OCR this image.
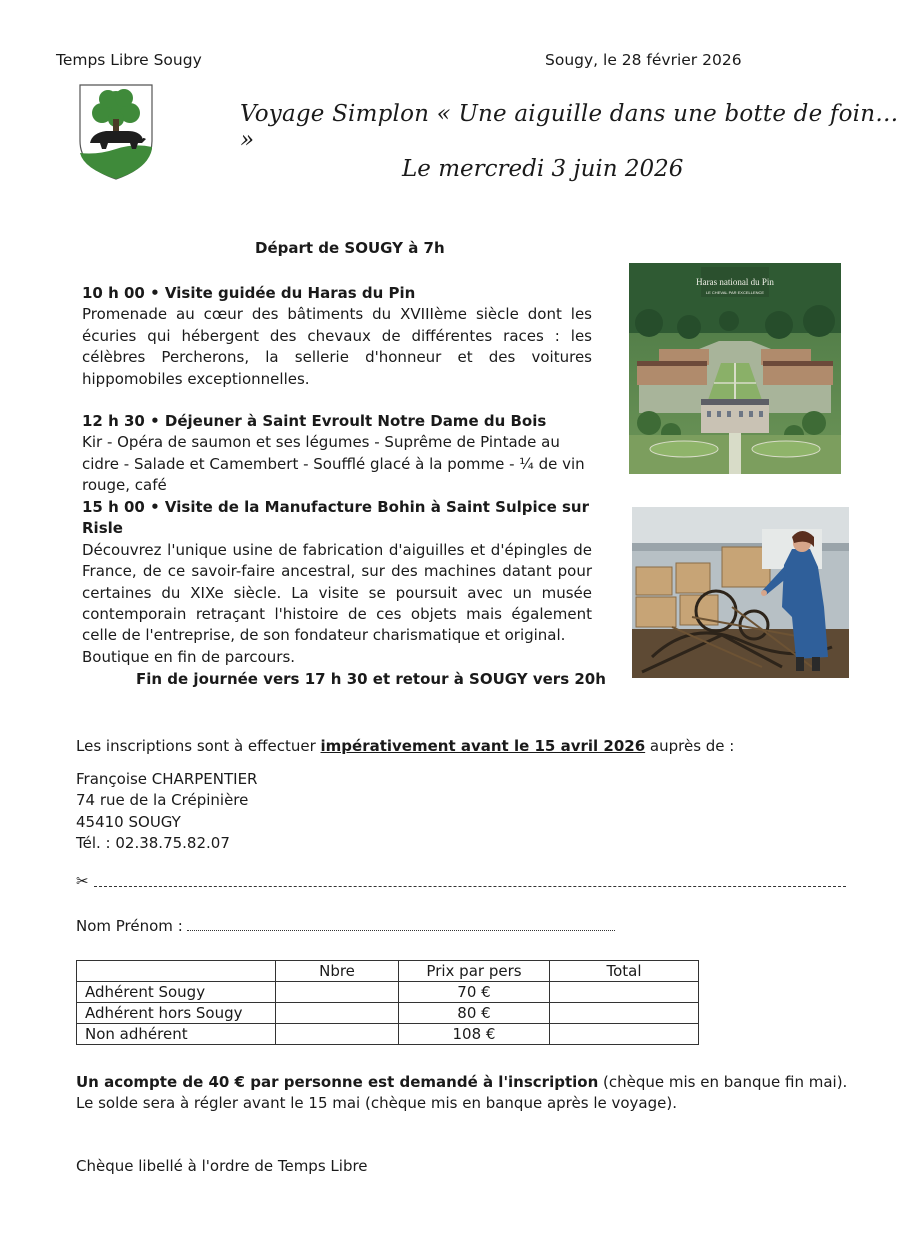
Temps Libre Sougy	Sougy, le 28 février 2026
Voyage Simplon « Une aiguille dans une botte de foin… »
Le mercredi 3 juin 2026
Départ de SOUGY à 7h
10 h 00 • Visite guidée du Haras du Pin
Promenade au cœur des bâtiments du XVIIIème siècle dont les écuries qui hébergent des chevaux de différentes races : les célèbres Percherons, la sellerie d'honneur et des voitures hippomobiles exceptionnelles.
12 h 30 • Déjeuner à Saint Evroult Notre Dame du Bois
Kir - Opéra de saumon et ses légumes - Suprême de Pintade au cidre - Salade et Camembert - Soufflé glacé à la pomme - ¼ de vin rouge, café
15 h 00 • Visite de la Manufacture Bohin à Saint Sulpice sur Risle
Découvrez l'unique usine de fabrication d'aiguilles et d'épingles de France, de ce savoir-faire ancestral, sur des machines datant pour certaines du XIXe siècle. La visite se poursuit avec un musée contemporain retraçant l'histoire de ces objets mais également celle de l'entreprise, de son fondateur charismatique et original.
Boutique en fin de parcours.
Haras national du Pin
LE CHEVAL PAR EXCELLENCE
Fin de journée vers 17 h 30 et retour à SOUGY vers 20h
Les inscriptions sont à effectuer impérativement avant le 15 avril 2026 auprès de :
Françoise CHARPENTIER
74 rue de la Crépinière
45410 SOUGY
Tél. : 02.38.75.82.07
✂
Nom Prénom :
	Nbre	Prix par pers	Total
Adhérent Sougy		70 €	
Adhérent hors Sougy		80 €	
Non adhérent		108 €	
Un acompte de 40 € par personne est demandé à l'inscription (chèque mis en banque fin mai).
Le solde sera à régler avant le 15 mai (chèque mis en banque après le voyage).
Chèque libellé à l'ordre de Temps Libre
